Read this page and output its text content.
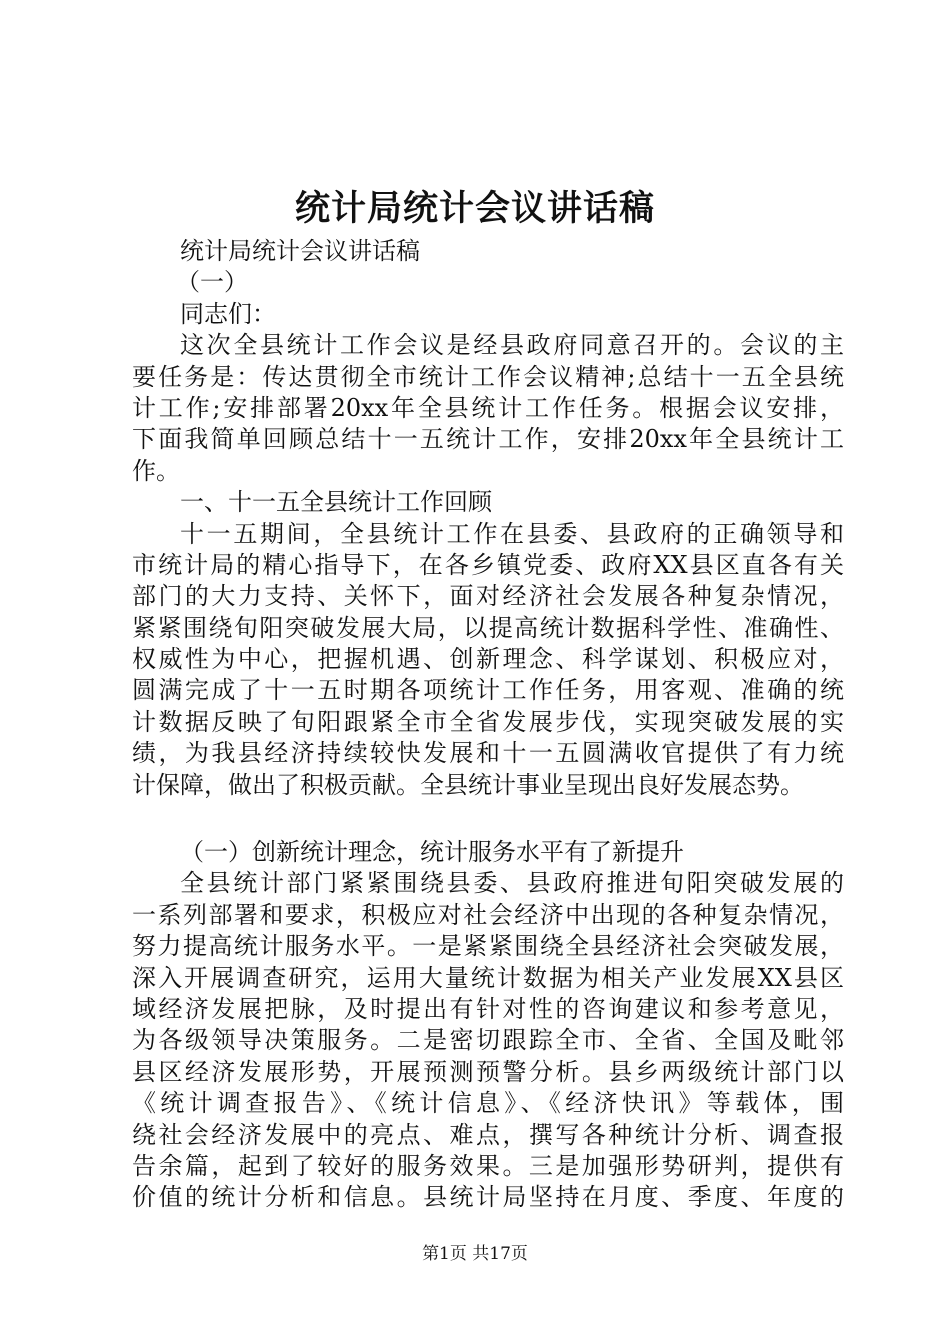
统计局统计会议讲话稿
统计局统计会议讲话稿
（一）
同志们：
这次全县统计工作会议是经县政府同意召开的。会议的主
要任务是：传达贯彻全市统计工作会议精神;总结十一五全县统
计工作;安排部署20xx年全县统计工作任务。根据会议安排，
下面我简单回顾总结十一五统计工作，安排20xx年全县统计工
作。
一、十一五全县统计工作回顾
十一五期间，全县统计工作在县委、县政府的正确领导和
市统计局的精心指导下，在各乡镇党委、政府XX县区直各有关
部门的大力支持、关怀下，面对经济社会发展各种复杂情况，
紧紧围绕旬阳突破发展大局，以提高统计数据科学性、准确性、
权威性为中心，把握机遇、创新理念、科学谋划、积极应对，
圆满完成了十一五时期各项统计工作任务，用客观、准确的统
计数据反映了旬阳跟紧全市全省发展步伐，实现突破发展的实
绩，为我县经济持续较快发展和十一五圆满收官提供了有力统
计保障，做出了积极贡献。全县统计事业呈现出良好发展态势。
（一）创新统计理念，统计服务水平有了新提升
全县统计部门紧紧围绕县委、县政府推进旬阳突破发展的
一系列部署和要求，积极应对社会经济中出现的各种复杂情况，
努力提高统计服务水平。一是紧紧围绕全县经济社会突破发展，
深入开展调查研究，运用大量统计数据为相关产业发展XX县区
域经济发展把脉，及时提出有针对性的咨询建议和参考意见，
为各级领导决策服务。二是密切跟踪全市、全省、全国及毗邻
县区经济发展形势，开展预测预警分析。县乡两级统计部门以
《统计调查报告》、《统计信息》、《经济快讯》等载体，围
绕社会经济发展中的亮点、难点，撰写各种统计分析、调查报
告余篇，起到了较好的服务效果。三是加强形势研判，提供有
价值的统计分析和信息。县统计局坚持在月度、季度、年度的
第1页 共17页
